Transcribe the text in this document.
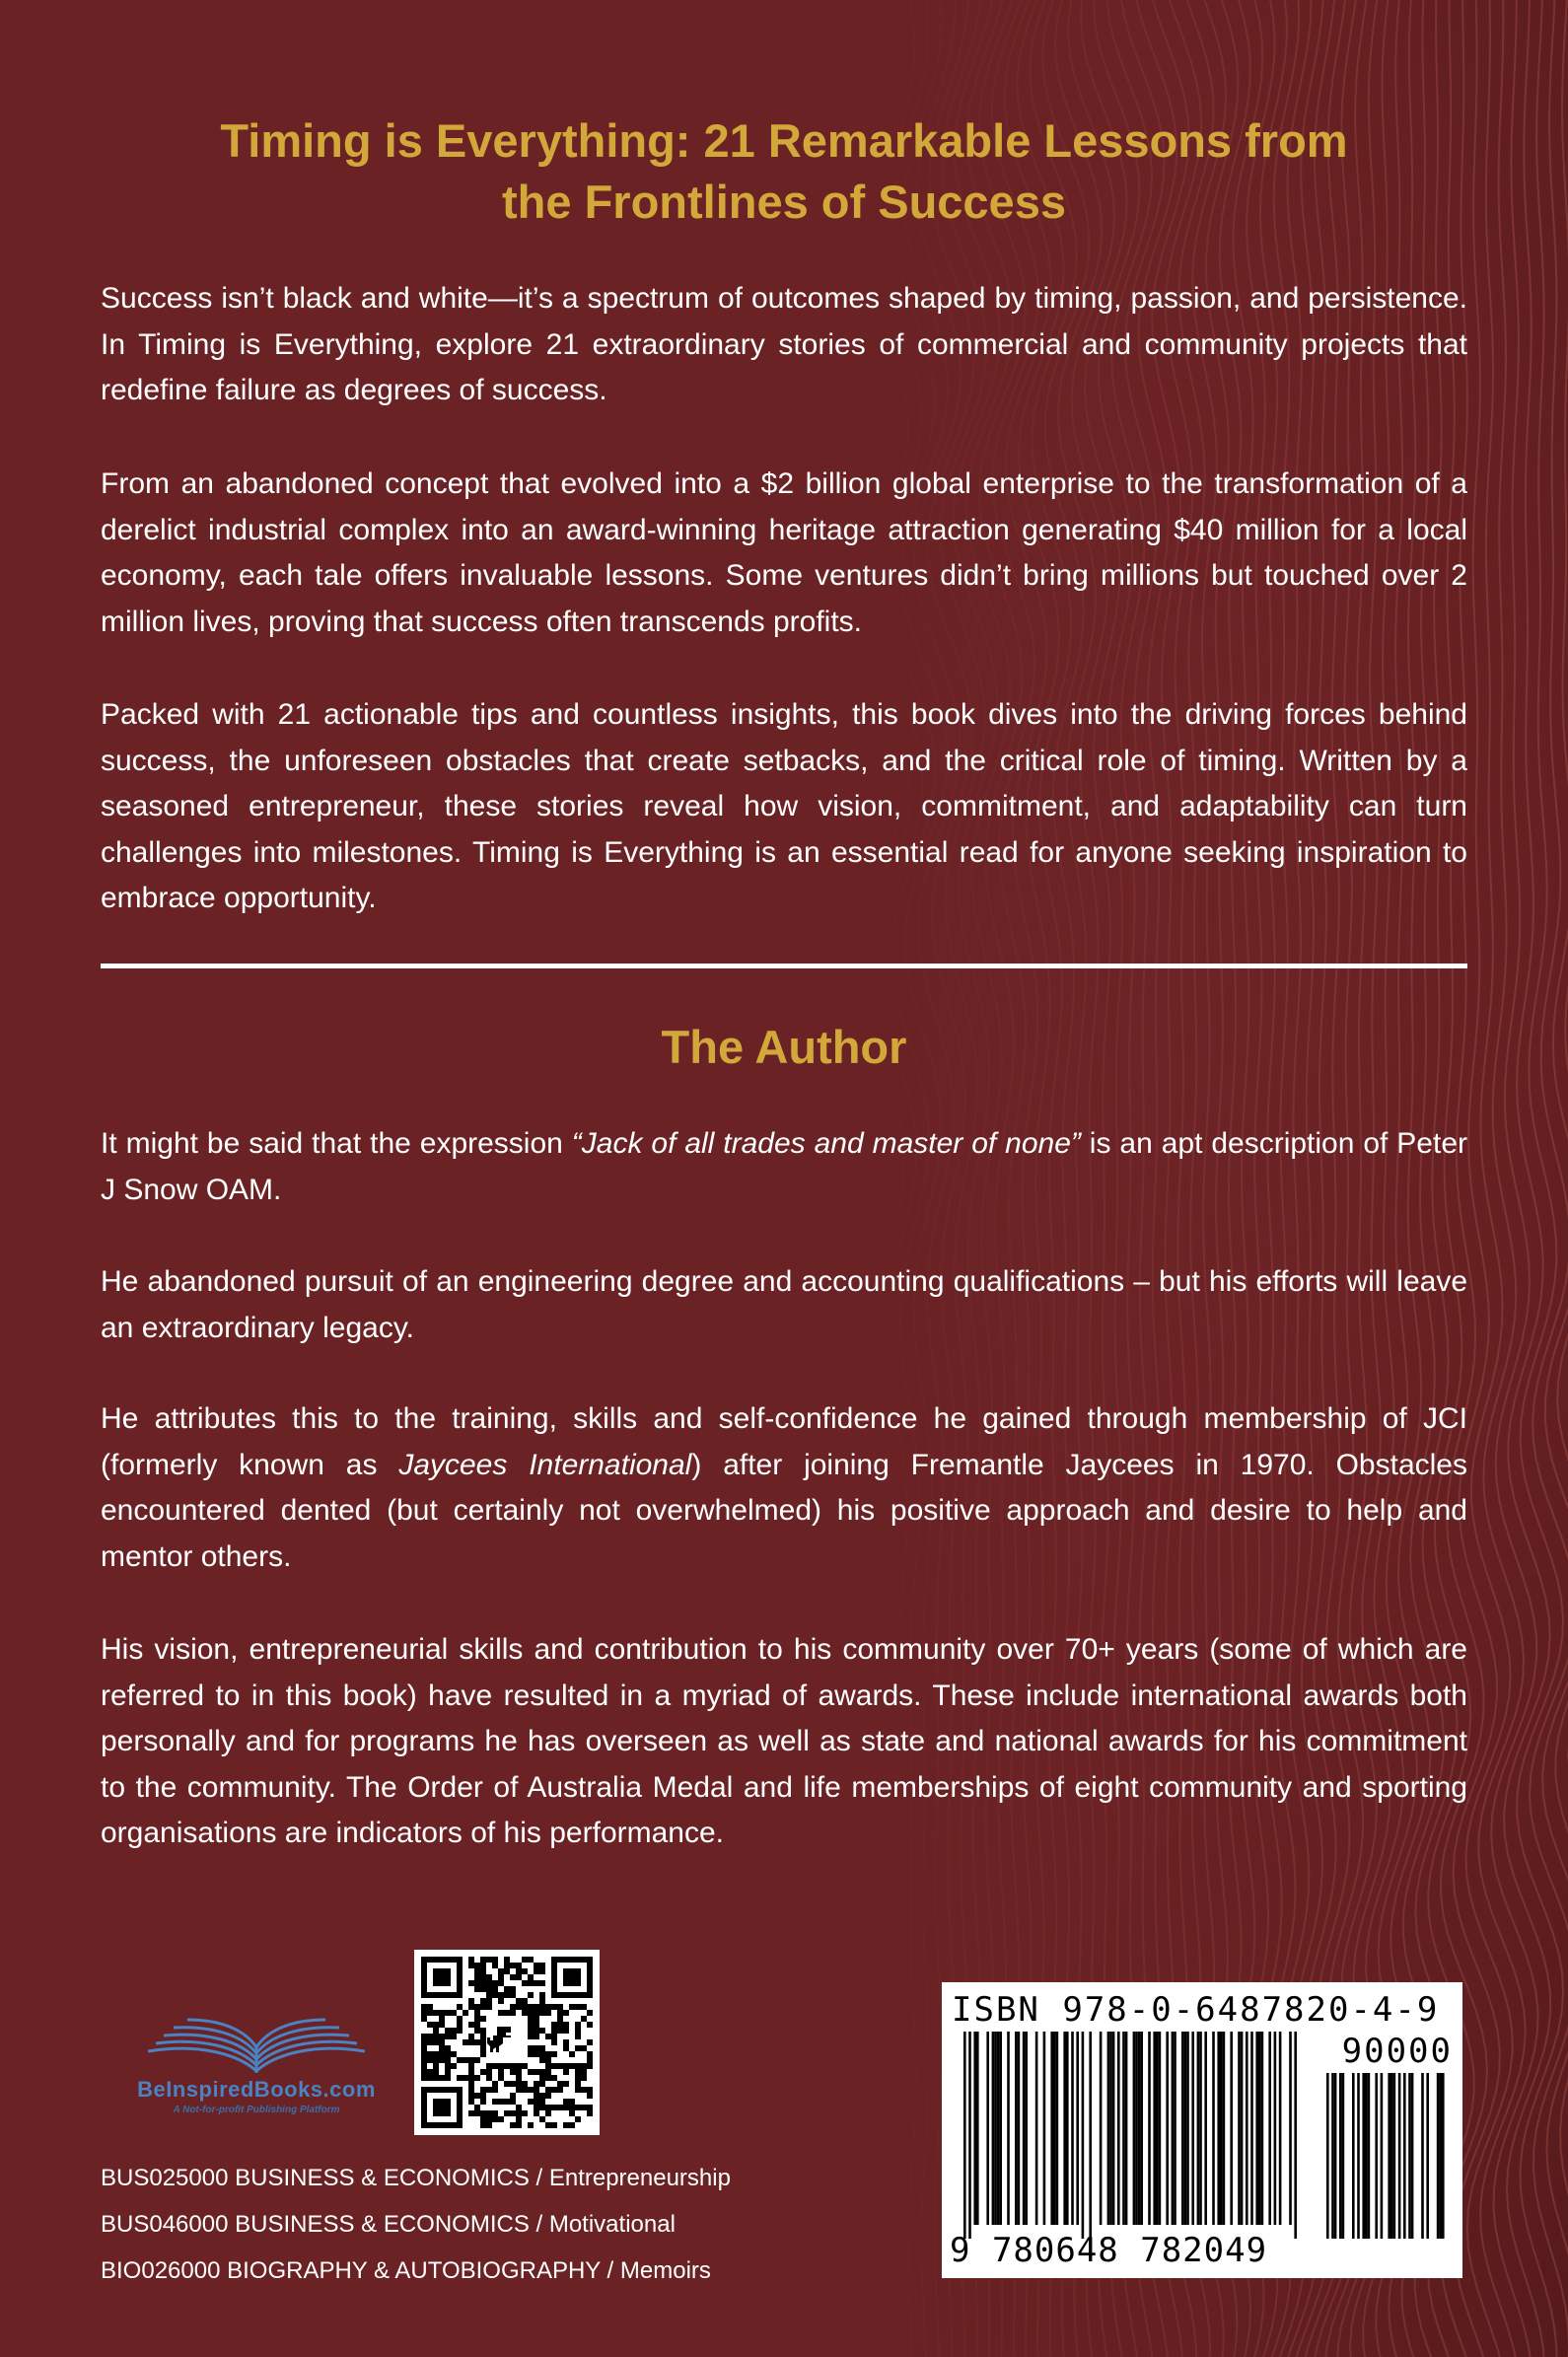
Timing is Everything: 21 Remarkable Lessons from
the Frontlines of Success

Success isn’t black and white—it’s a spectrum of outcomes shaped by timing, passion, and persistence. In Timing is Everything, explore 21 extraordinary stories of commercial and community projects that redefine failure as degrees of success.

From an abandoned concept that evolved into a $2 billion global enterprise to the transformation of a derelict industrial complex into an award-winning heritage attraction generating $40 million for a local economy, each tale offers invaluable lessons. Some ventures didn’t bring millions but touched over 2 million lives, proving that success often transcends profits.

Packed with 21 actionable tips and countless insights, this book dives into the driving forces behind success, the unforeseen obstacles that create setbacks, and the critical role of timing. Written by a seasoned entrepreneur, these stories reveal how vision, commitment, and adaptability can turn challenges into milestones. Timing is Everything is an essential read for anyone seeking inspiration to embrace opportunity.

The Author

It might be said that the expression “Jack of all trades and master of none” is an apt description of Peter J Snow OAM.

He abandoned pursuit of an engineering degree and accounting qualifications – but his efforts will leave an extraordinary legacy.

He attributes this to the training, skills and self-confidence he gained through membership of JCI (formerly known as Jaycees International) after joining Fremantle Jaycees in 1970. Obstacles encountered dented (but certainly not overwhelmed) his positive approach and desire to help and mentor others.

His vision, entrepreneurial skills and contribution to his community over 70+ years (some of which are referred to in this book) have resulted in a myriad of awards. These include international awards both personally and for programs he has overseen as well as state and national awards for his commitment to the community. The Order of Australia Medal and life memberships of eight community and sporting organisations are indicators of his performance.

BeInspiredBooks.com
A Not-for-profit Publishing Platform
BUS025000 BUSINESS & ECONOMICS / Entrepreneurship
BUS046000 BUSINESS & ECONOMICS / Motivational
BIO026000 BIOGRAPHY & AUTOBIOGRAPHY / Memoirs
ISBN 978-0-6487820-4-9
90000
9 780648 782049
